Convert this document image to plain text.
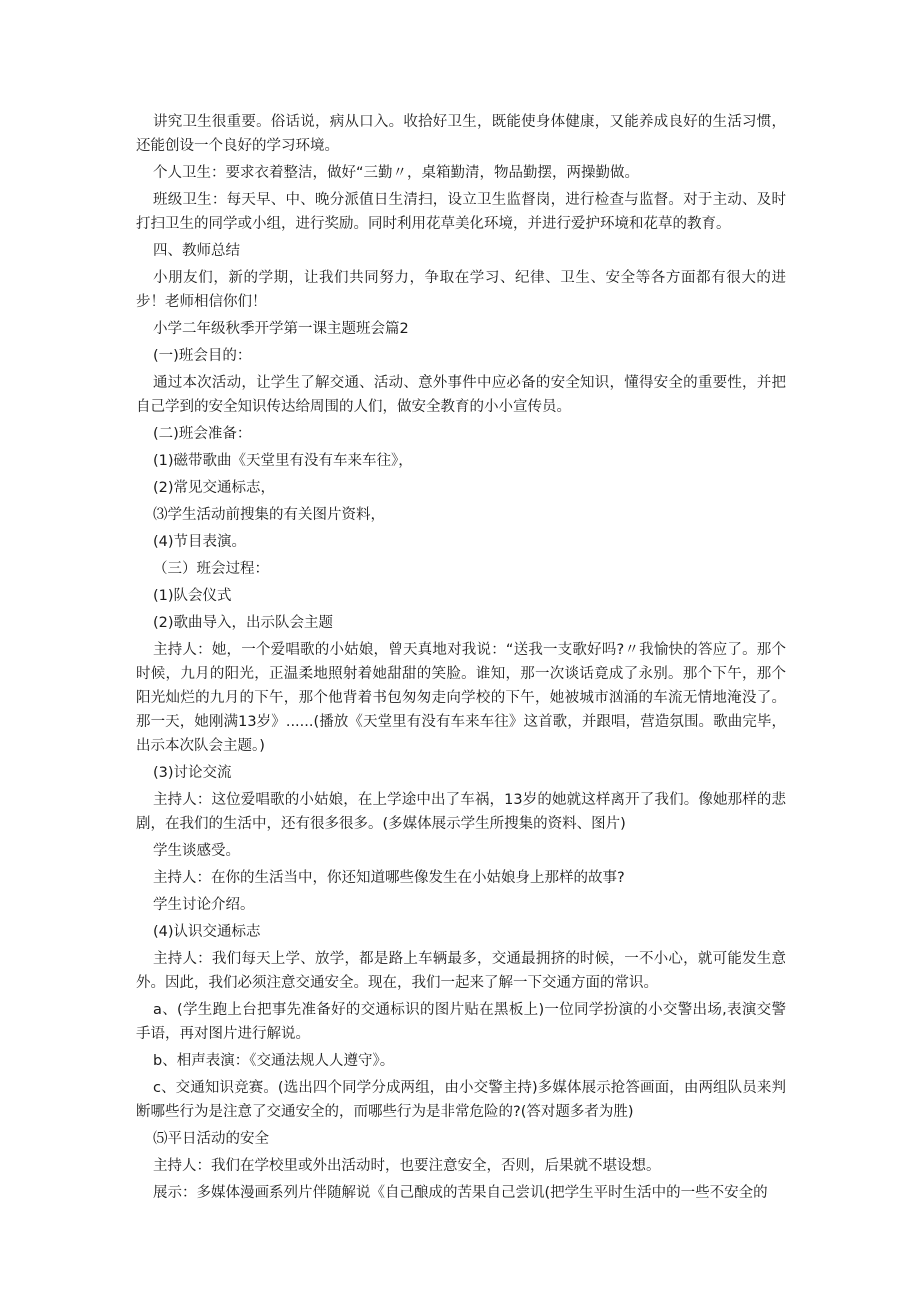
讲究卫生很重要。俗话说，病从口入。收拾好卫生，既能使身体健康，又能养成良好的生活习惯，还能创设一个良好的学习环境。

个人卫生：要求衣着整洁，做好“三勤〃，桌箱勤清，物品勤摆，两操勤做。

班级卫生：每天早、中、晚分派值日生清扫，设立卫生监督岗，进行检查与监督。对于主动、及时打扫卫生的同学或小组，进行奖励。同时利用花草美化环境，并进行爱护环境和花草的教育。

四、教师总结

小朋友们，新的学期，让我们共同努力，争取在学习、纪律、卫生、安全等各方面都有很大的进步！老师相信你们！

小学二年级秋季开学第一课主题班会篇2

(一)班会目的：

通过本次活动，让学生了解交通、活动、意外事件中应必备的安全知识，懂得安全的重要性，并把自己学到的安全知识传达给周围的人们，做安全教育的小小宣传员。

(二)班会准备：

(1)磁带歌曲《天堂里有没有车来车往》，

(2)常见交通标志，

⑶学生活动前搜集的有关图片资料，

(4)节目表演。

（三）班会过程：

(1)队会仪式

(2)歌曲导入，出示队会主题

主持人：她，一个爱唱歌的小姑娘，曾天真地对我说：“送我一支歌好吗?〃我愉快的答应了。那个时候，九月的阳光，正温柔地照射着她甜甜的笑脸。谁知，那一次谈话竟成了永别。那个下午，那个阳光灿烂的九月的下午，那个他背着书包匆匆走向学校的下午，她被城市汹涌的车流无情地淹没了。那一天，她刚满13岁》......(播放《天堂里有没有车来车往》这首歌，并跟唱，营造氛围。歌曲完毕，出示本次队会主题。)

(3)讨论交流

主持人：这位爱唱歌的小姑娘，在上学途中出了车祸，13岁的她就这样离开了我们。像她那样的悲剧，在我们的生活中，还有很多很多。(多媒体展示学生所搜集的资料、图片)

学生谈感受。

主持人：在你的生活当中，你还知道哪些像发生在小姑娘身上那样的故事?

学生讨论介绍。

(4)认识交通标志

主持人：我们每天上学、放学，都是路上车辆最多，交通最拥挤的时候，一不小心，就可能发生意外。因此，我们必须注意交通安全。现在，我们一起来了解一下交通方面的常识。

a、(学生跑上台把事先准备好的交通标识的图片贴在黑板上)一位同学扮演的小交警出场,表演交警手语，再对图片进行解说。

b、相声表演：《交通法规人人遵守》。

c、交通知识竞赛。(选出四个同学分成两组，由小交警主持)多媒体展示抢答画面，由两组队员来判断哪些行为是注意了交通安全的，而哪些行为是非常危险的?(答对题多者为胜)

⑸平日活动的安全

主持人：我们在学校里或外出活动时，也要注意安全，否则，后果就不堪设想。

展示：多媒体漫画系列片伴随解说《自己酿成的苦果自己尝讥(把学生平时生活中的一些不安全的
